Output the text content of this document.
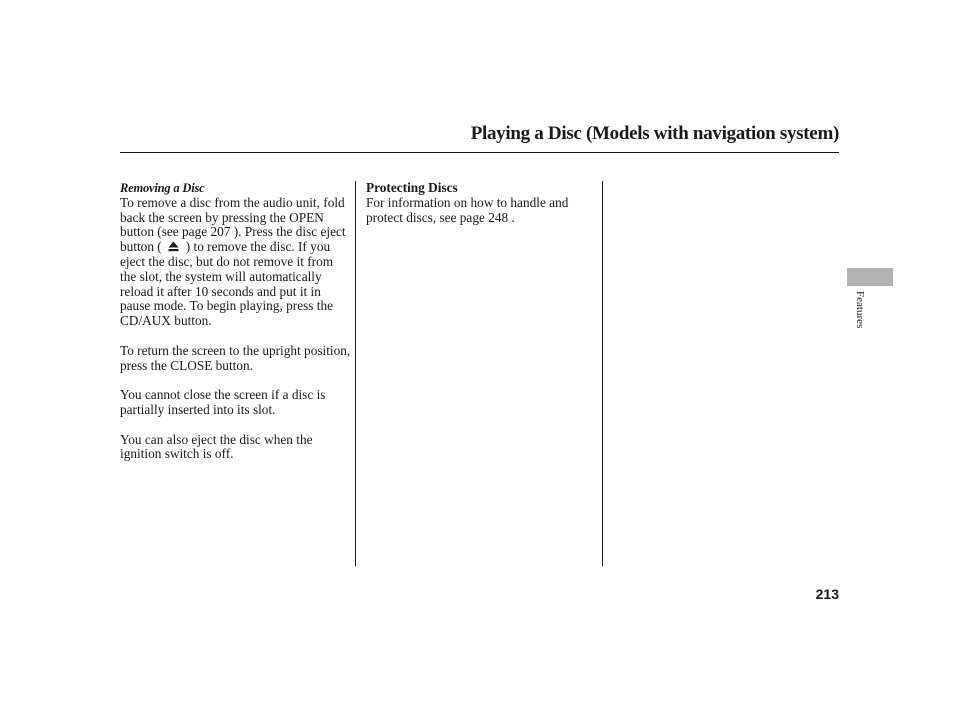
Playing a Disc (Models with navigation system)

Removing a Disc

To remove a disc from the audio unit, fold back the screen by pressing the OPEN button (see page 207 ). Press the disc eject button ( ) to remove the disc. If you eject the disc, but do not remove it from the slot, the system will automatically reload it after 10 seconds and put it in pause mode. To begin playing, press the CD/AUX button.

To return the screen to the upright position, press the CLOSE button.

You cannot close the screen if a disc is partially inserted into its slot.

You can also eject the disc when the ignition switch is off.

Protecting Discs

For information on how to handle and protect discs, see page 248 .

Features
213
